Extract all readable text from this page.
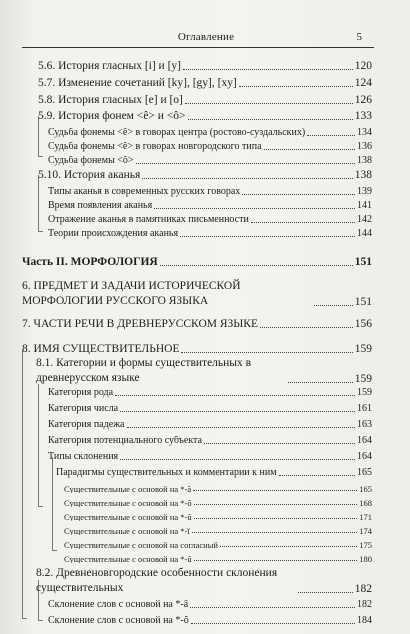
Оглавление	5
5.6. История гласных [i] и [y]	120
5.7. Изменение сочетаний [ky], [gy], [xy]	124
5.8. История гласных [e] и [o]	126
5.9. История фонем <ê> и <ô>	133
Судьба фонемы <ê> в говорах центра (ростово-суздальских)	134
Судьба фонемы <ê> в говорах новгородского типа	136
Судьба фонемы <ô>	138
5.10. История аканья	138
Типы аканья в современных русских говорах	139
Время появления аканья	141
Отражение аканья в памятниках письменности	142
Теории происхождения аканья	144
Часть II. МОРФОЛОГИЯ	151
6. ПРЕДМЕТ И ЗАДАЧИ ИСТОРИЧЕСКОЙ МОРФОЛОГИИ РУССКОГО ЯЗЫКА	151
7. ЧАСТИ РЕЧИ В ДРЕВНЕРУССКОМ ЯЗЫКЕ	156
8. ИМЯ СУЩЕСТВИТЕЛЬНОЕ	159
8.1. Категории и формы существительных в древнерусском языке	159
Категория рода	159
Категория числа	161
Категория падежа	163
Категория потенциального субъекта	164
Типы склонения	164
Парадигмы существительных и комментарии к ним	165
Существительные с основой на *-ā	165
Существительные с основой на *-ŏ	168
Существительные с основой на *-ŭ	171
Существительные с основой на *-ĭ	174
Существительные с основой на согласный	175
Существительные с основой на *-ū	180
8.2. Древненовгородские особенности склонения существительных	182
Склонение слов с основой на *-ā	182
Склонение слов с основой на *-ŏ	184
